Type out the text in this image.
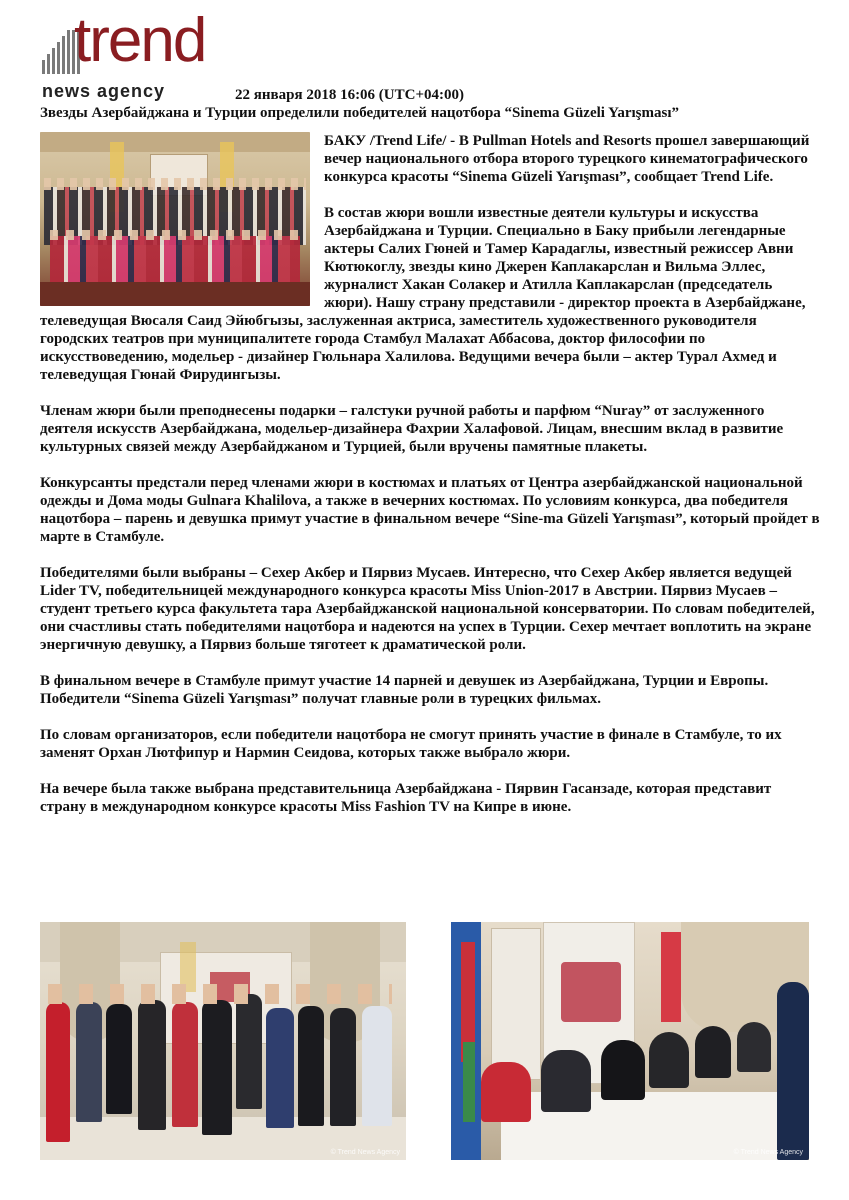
trend
news agency	22 января 2018 16:06 (UTC+04:00)
Звезды Азербайджана и Турции определили победителей нацотбора “Sinema Güzeli Yarışması”

БАКУ /Trend Life/ - В Pullman Hotels and Resorts прошел завершающий вечер национального отбора второго турецкого кинематографического конкурса красоты “Sinema Güzeli Yarışması”, сообщает Trend Life.

В состав жюри вошли известные деятели культуры и искусства Азербайджана и Турции. Специально в Баку прибыли легендарные актеры Салих Гюней и Тамер Карадаглы, известный режиссер Авни Кютюкоглу, звезды кино Джерен Каплакарслан и Вильма Эллес, журналист Хакан Солакер и Атилла Каплакарслан (председатель жюри). Нашу страну представили - директор проекта в Азербайджане, телеведущая Вюсаля Саид Эйюбгызы, заслуженная актриса, заместитель художественного руководителя городских театров при муниципалитете города Стамбул Малахат Аббасова, доктор философии по искусствоведению, модельер - дизайнер Гюльнара Халилова. Ведущими вечера были – актер Турал Ахмед и телеведущая Гюнай Фирудингызы.

Членам жюри были преподнесены подарки – галстуки ручной работы и парфюм “Nuray” от заслуженного деятеля искусств Азербайджана, модельер-дизайнера Фахрии Халафовой. Лицам, внесшим вклад в развитие культурных связей между Азербайджаном и Турцией, были вручены памятные плакеты.

Конкурсанты предстали перед членами жюри в костюмах и платьях от Центра азербайджанской национальной одежды и Дома моды Gulnara Khalilova, а также в вечерних костюмах. По условиям конкурса, два победителя нацотбора – парень и девушка примут участие в финальном вечере “Sine-ma Güzeli Yarışması”, который пройдет в марте в Стамбуле.

Победителями были выбраны – Сехер Акбер и Пярвиз Мусаев. Интересно, что Сехер Акбер является ведущей Lider TV, победительницей международного конкурса красоты Miss Union-2017 в Австрии. Пярвиз Мусаев – студент третьего курса факультета тара Азербайджанской национальной консерватории. По словам победителей, они счастливы стать победителями нацотбора и надеются на успех в Турции. Сехер мечтает воплотить на экране энергичную девушку, а Пярвиз больше тяготеет к драматической роли.

В финальном вечере в Стамбуле примут участие 14 парней и девушек из Азербайджана, Турции и Европы. Победители “Sinema Güzeli Yarışması” получат главные роли в турецких фильмах.

По словам организаторов, если победители нацотбора не смогут принять участие в финале в Стамбуле, то их заменят Орхан Лютфипур и Нармин Сеидова, которых также выбрало жюри.

На вечере была также выбрана представительница Азербайджана - Пярвин Гасанзаде, которая представит страну в международном конкурсе красоты Miss Fashion TV на Кипре в июне.

© Trend News Agency	© Trend News Agency
